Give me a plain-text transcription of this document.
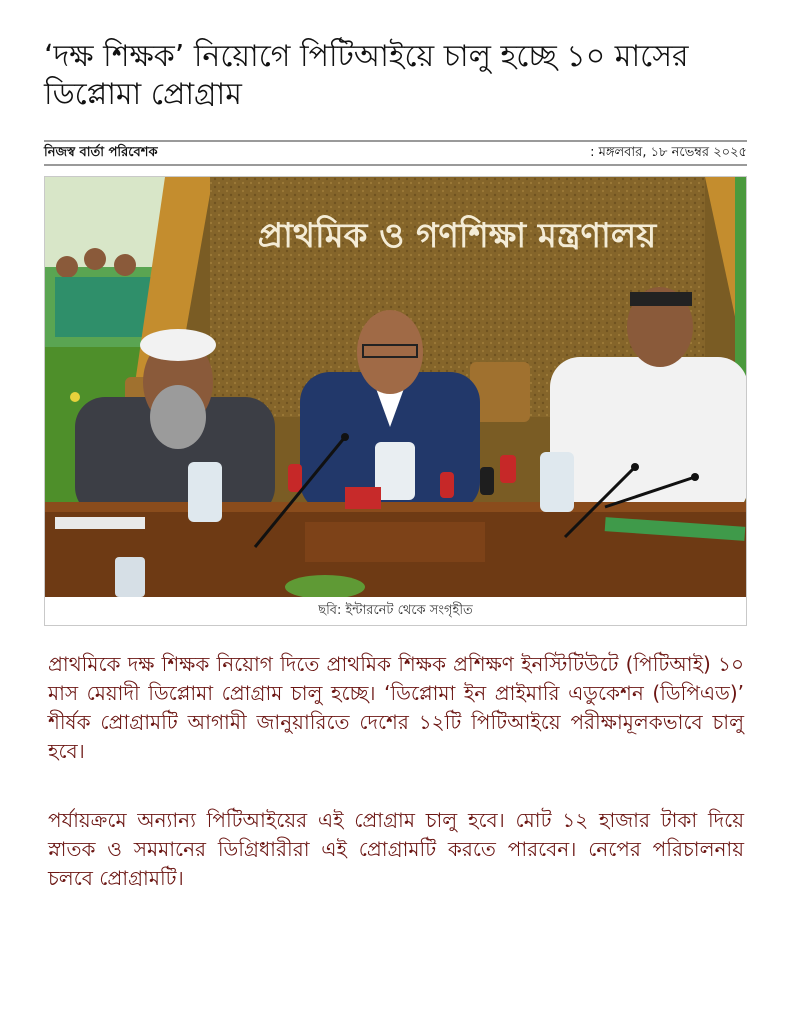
‘দক্ষ শিক্ষক’ নিয়োগে পিটিআইয়ে চালু হচ্ছে ১০ মাসের ডিপ্লোমা প্রোগ্রাম
নিজস্ব বার্তা পরিবেশক	: মঙ্গলবার, ১৮ নভেম্বর ২০২৫
প্রাথমিক ও গণশিক্ষা মন্ত্রণালয়
ছবি: ইন্টারনেট থেকে সংগৃহীত

প্রাথমিকে দক্ষ শিক্ষক নিয়োগ দিতে প্রাথমিক শিক্ষক প্রশিক্ষণ ইনস্টিটিউটে (পিটিআই) ১০ মাস মেয়াদী ডিপ্লোমা প্রোগ্রাম চালু হচ্ছে। ‘ডিপ্লোমা ইন প্রাইমারি এডুকেশন (ডিপিএড)’ শীর্ষক প্রোগ্রামটি আগামী জানুয়ারিতে দেশের ১২টি পিটিআইয়ে পরীক্ষামূলকভাবে চালু হবে।

পর্যায়ক্রমে অন্যান্য পিটিআইয়ের এই প্রোগ্রাম চালু হবে। মোট ১২ হাজার টাকা দিয়ে স্নাতক ও সমমানের ডিগ্রিধারীরা এই প্রোগ্রামটি করতে পারবেন। নেপের পরিচালনায় চলবে প্রোগ্রামটি।
